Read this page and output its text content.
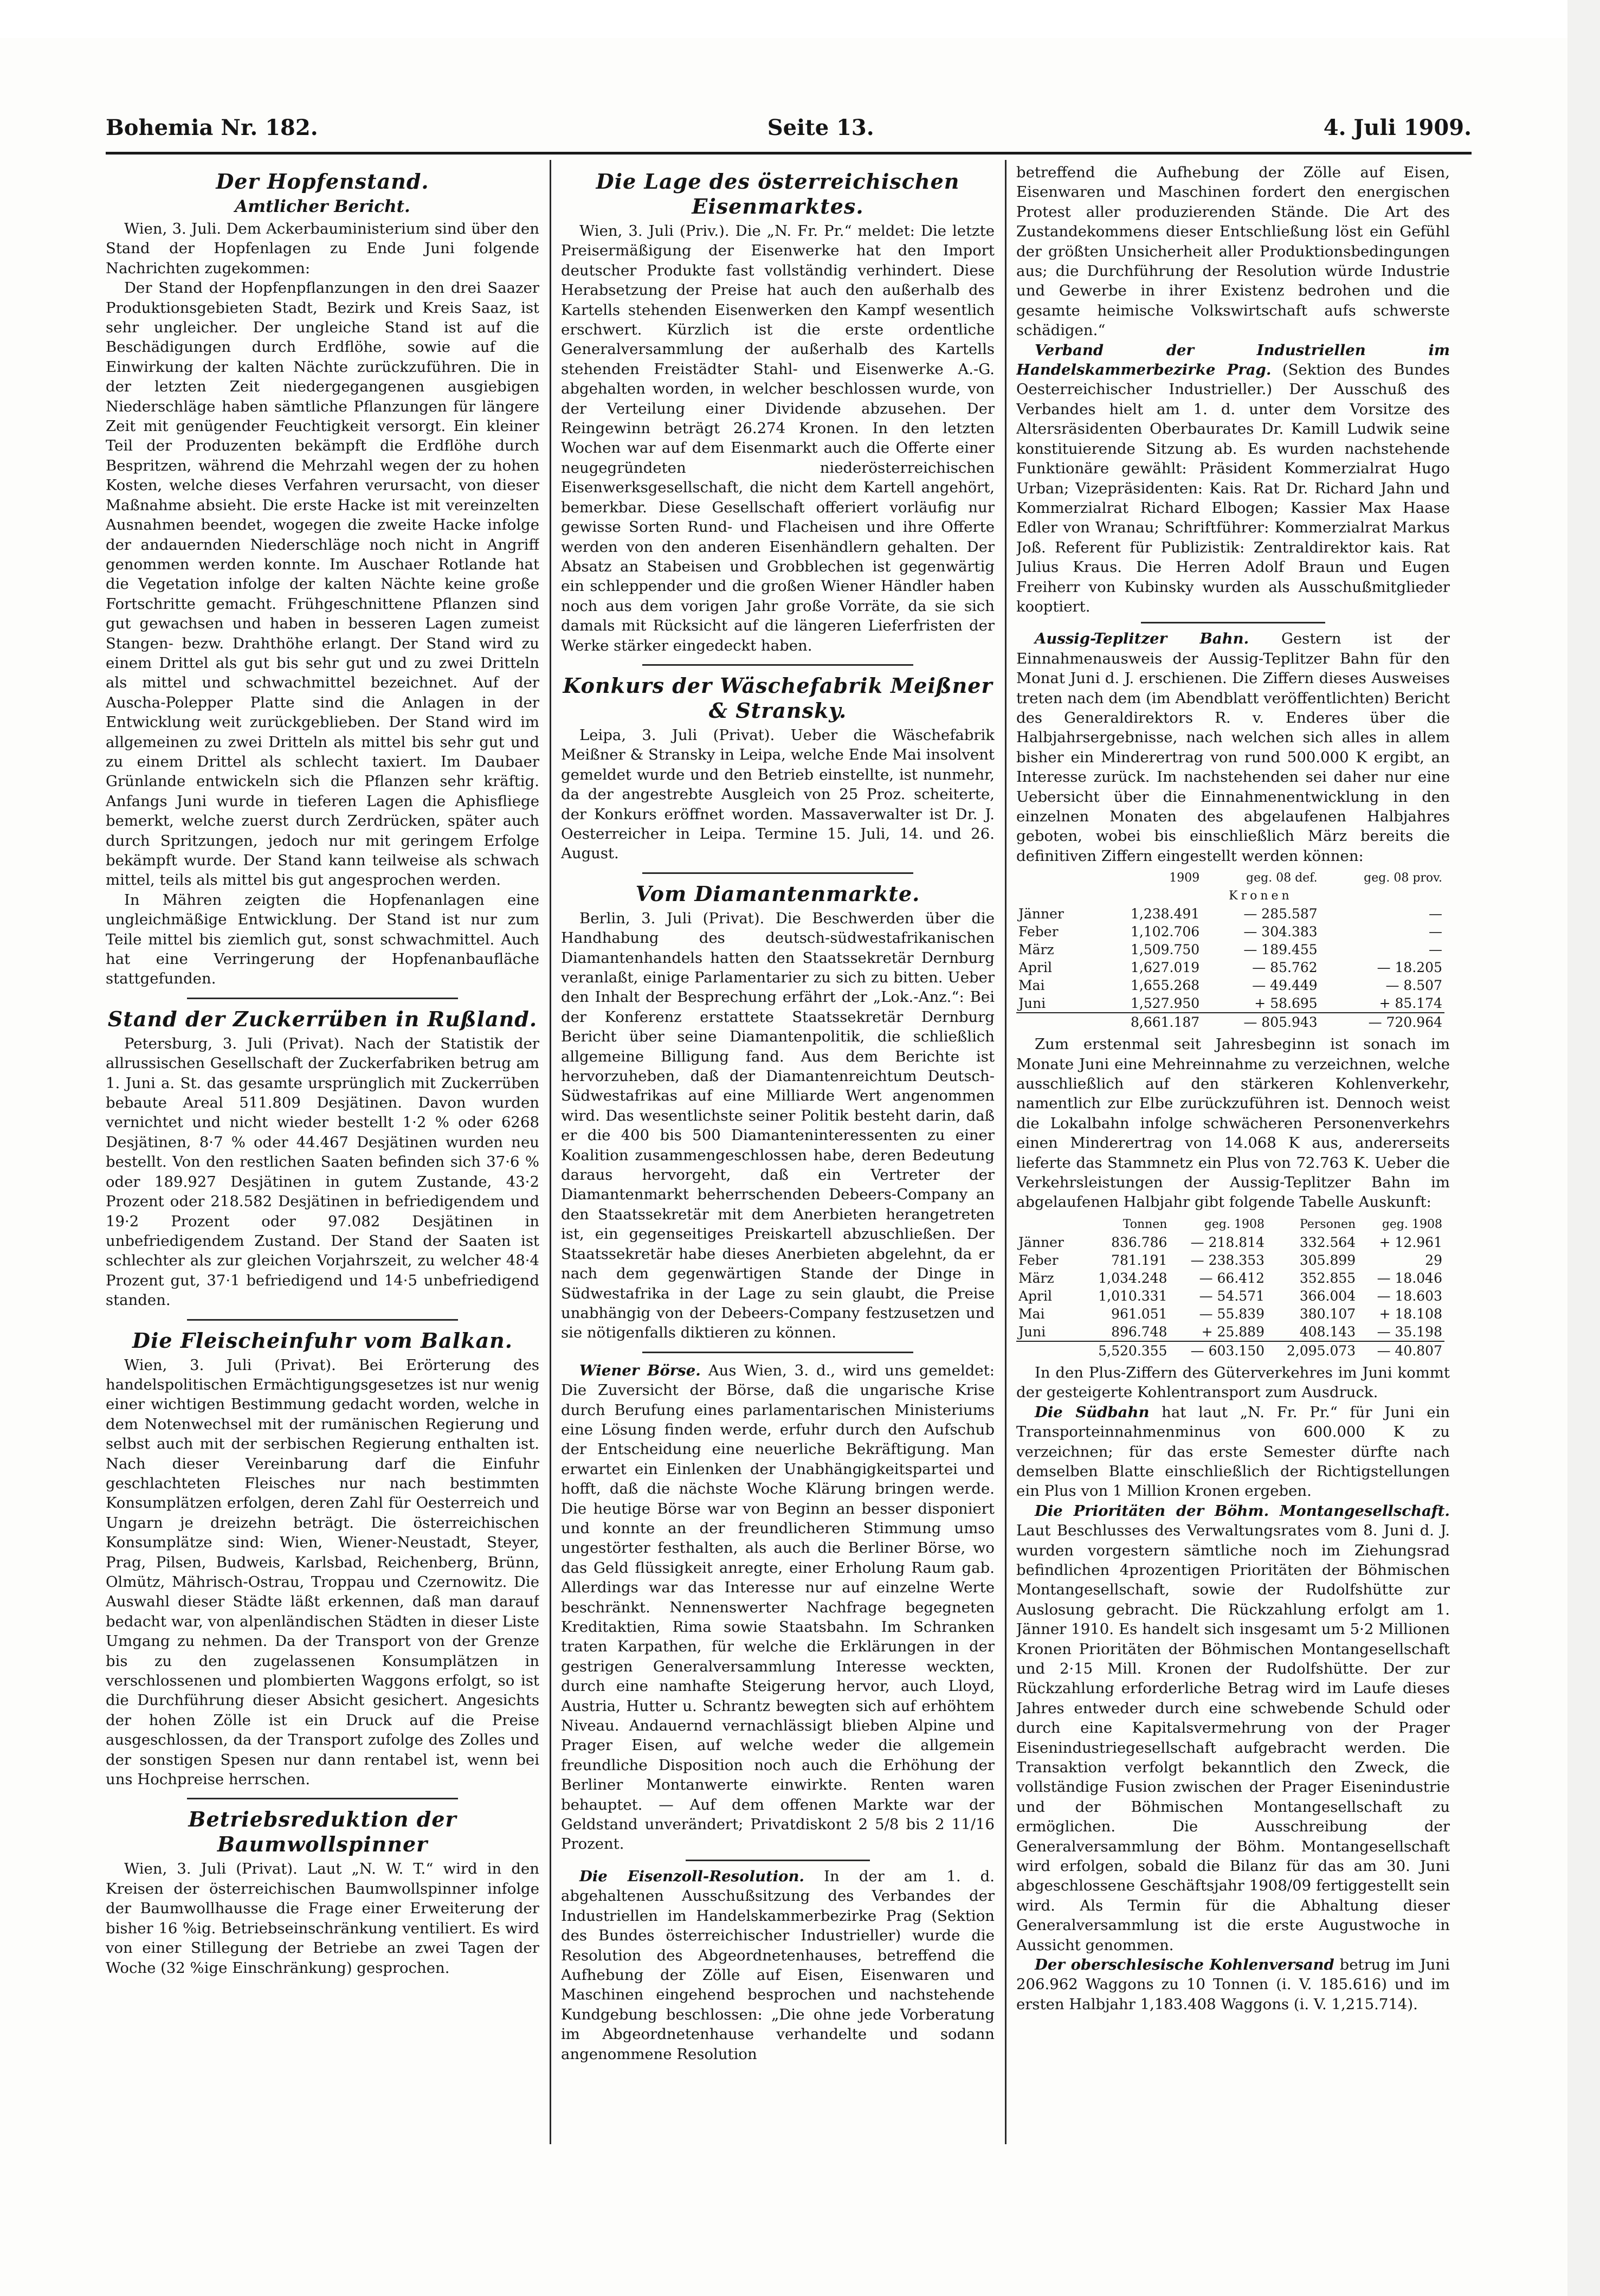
Bohemia Nr. 182.	Seite 13.	4. Juli 1909.
Der Hopfenstand.
Amtlicher Bericht.

Wien, 3. Juli. Dem Ackerbauministerium sind über den Stand der Hopfenlagen zu Ende Juni folgende Nachrichten zugekommen:

Der Stand der Hopfenpflanzungen in den drei Saazer Produktionsgebieten Stadt, Bezirk und Kreis Saaz, ist sehr ungleicher. Der ungleiche Stand ist auf die Beschädigungen durch Erdflöhe, sowie auf die Einwirkung der kalten Nächte zurückzuführen. Die in der letzten Zeit niedergegangenen ausgiebigen Niederschläge haben sämtliche Pflanzungen für längere Zeit mit genügender Feuchtigkeit versorgt. Ein kleiner Teil der Produzenten bekämpft die Erdflöhe durch Bespritzen, während die Mehrzahl wegen der zu hohen Kosten, welche dieses Verfahren verursacht, von dieser Maßnahme absieht. Die erste Hacke ist mit vereinzelten Ausnahmen beendet, wogegen die zweite Hacke infolge der andauernden Niederschläge noch nicht in Angriff genommen werden konnte. Im Auschaer Rotlande hat die Vegetation infolge der kalten Nächte keine große Fortschritte gemacht. Frühgeschnittene Pflanzen sind gut gewachsen und haben in besseren Lagen zumeist Stangen- bezw. Drahthöhe erlangt. Der Stand wird zu einem Drittel als gut bis sehr gut und zu zwei Dritteln als mittel und schwachmittel bezeichnet. Auf der Auscha-Polepper Platte sind die Anlagen in der Entwicklung weit zurückgeblieben. Der Stand wird im allgemeinen zu zwei Dritteln als mittel bis sehr gut und zu einem Drittel als schlecht taxiert. Im Daubaer Grünlande entwickeln sich die Pflanzen sehr kräftig. Anfangs Juni wurde in tieferen Lagen die Aphisfliege bemerkt, welche zuerst durch Zerdrücken, später auch durch Spritzungen, jedoch nur mit geringem Erfolge bekämpft wurde. Der Stand kann teilweise als schwach mittel, teils als mittel bis gut angesprochen werden.

In Mähren zeigten die Hopfenanlagen eine ungleichmäßige Entwicklung. Der Stand ist nur zum Teile mittel bis ziemlich gut, sonst schwachmittel. Auch hat eine Verringerung der Hopfenanbaufläche stattgefunden.

Stand der Zuckerrüben in Rußland.

Petersburg, 3. Juli (Privat). Nach der Statistik der allrussischen Gesellschaft der Zuckerfabriken betrug am 1. Juni a. St. das gesamte ursprünglich mit Zuckerrüben bebaute Areal 511.809 Desjätinen. Davon wurden vernichtet und nicht wieder bestellt 1·2 % oder 6268 Desjätinen, 8·7 % oder 44.467 Desjätinen wurden neu bestellt. Von den restlichen Saaten befinden sich 37·6 % oder 189.927 Desjätinen in gutem Zustande, 43·2 Prozent oder 218.582 Desjätinen in befriedigendem und 19·2 Prozent oder 97.082 Desjätinen in unbefriedigendem Zustand. Der Stand der Saaten ist schlechter als zur gleichen Vorjahrszeit, zu welcher 48·4 Prozent gut, 37·1 befriedigend und 14·5 unbefriedigend standen.

Die Fleischeinfuhr vom Balkan.

Wien, 3. Juli (Privat). Bei Erörterung des handelspolitischen Ermächtigungsgesetzes ist nur wenig einer wichtigen Bestimmung gedacht worden, welche in dem Notenwechsel mit der rumänischen Regierung und selbst auch mit der serbischen Regierung enthalten ist. Nach dieser Vereinbarung darf die Einfuhr geschlachteten Fleisches nur nach bestimmten Konsumplätzen erfolgen, deren Zahl für Oesterreich und Ungarn je dreizehn beträgt. Die österreichischen Konsumplätze sind: Wien, Wiener-Neustadt, Steyer, Prag, Pilsen, Budweis, Karlsbad, Reichenberg, Brünn, Olmütz, Mährisch-Ostrau, Troppau und Czernowitz. Die Auswahl dieser Städte läßt erkennen, daß man darauf bedacht war, von alpenländischen Städten in dieser Liste Umgang zu nehmen. Da der Transport von der Grenze bis zu den zugelassenen Konsumplätzen in verschlossenen und plombierten Waggons erfolgt, so ist die Durchführung dieser Absicht gesichert. Angesichts der hohen Zölle ist ein Druck auf die Preise ausgeschlossen, da der Transport zufolge des Zolles und der sonstigen Spesen nur dann rentabel ist, wenn bei uns Hochpreise herrschen.

Betriebsreduktion der Baumwollspinner

Wien, 3. Juli (Privat). Laut „N. W. T.“ wird in den Kreisen der österreichischen Baumwollspinner infolge der Baumwollhausse die Frage einer Erweiterung der bisher 16 %ig. Betriebseinschränkung ventiliert. Es wird von einer Stillegung der Betriebe an zwei Tagen der Woche (32 %ige Einschränkung) gesprochen.

Die Lage des österreichischen Eisenmarktes.

Wien, 3. Juli (Priv.). Die „N. Fr. Pr.“ meldet: Die letzte Preisermäßigung der Eisenwerke hat den Import deutscher Produkte fast vollständig verhindert. Diese Herabsetzung der Preise hat auch den außerhalb des Kartells stehenden Eisenwerken den Kampf wesentlich erschwert. Kürzlich ist die erste ordentliche Generalversammlung der außerhalb des Kartells stehenden Freistädter Stahl- und Eisenwerke A.-G. abgehalten worden, in welcher beschlossen wurde, von der Verteilung einer Dividende abzusehen. Der Reingewinn beträgt 26.274 Kronen. In den letzten Wochen war auf dem Eisenmarkt auch die Offerte einer neugegründeten niederösterreichischen Eisenwerksgesellschaft, die nicht dem Kartell angehört, bemerkbar. Diese Gesellschaft offeriert vorläufig nur gewisse Sorten Rund- und Flacheisen und ihre Offerte werden von den anderen Eisenhändlern gehalten. Der Absatz an Stabeisen und Grobblechen ist gegenwärtig ein schleppender und die großen Wiener Händler haben noch aus dem vorigen Jahr große Vorräte, da sie sich damals mit Rücksicht auf die längeren Lieferfristen der Werke stärker eingedeckt haben.

Konkurs der Wäschefabrik Meißner & Stransky.

Leipa, 3. Juli (Privat). Ueber die Wäschefabrik Meißner & Stransky in Leipa, welche Ende Mai insolvent gemeldet wurde und den Betrieb einstellte, ist nunmehr, da der angestrebte Ausgleich von 25 Proz. scheiterte, der Konkurs eröffnet worden. Massaverwalter ist Dr. J. Oesterreicher in Leipa. Termine 15. Juli, 14. und 26. August.

Vom Diamantenmarkte.

Berlin, 3. Juli (Privat). Die Beschwerden über die Handhabung des deutsch-südwestafrikanischen Diamantenhandels hatten den Staatssekretär Dernburg veranlaßt, einige Parlamentarier zu sich zu bitten. Ueber den Inhalt der Besprechung erfährt der „Lok.-Anz.“: Bei der Konferenz erstattete Staatssekretär Dernburg Bericht über seine Diamantenpolitik, die schließlich allgemeine Billigung fand. Aus dem Berichte ist hervorzuheben, daß der Diamantenreichtum Deutsch-Südwestafrikas auf eine Milliarde Wert angenommen wird. Das wesentlichste seiner Politik besteht darin, daß er die 400 bis 500 Diamanteninteressenten zu einer Koalition zusammengeschlossen habe, deren Bedeutung daraus hervorgeht, daß ein Vertreter der Diamantenmarkt beherrschenden Debeers-Company an den Staatssekretär mit dem Anerbieten herangetreten ist, ein gegenseitiges Preiskartell abzuschließen. Der Staatssekretär habe dieses Anerbieten abgelehnt, da er nach dem gegenwärtigen Stande der Dinge in Südwestafrika in der Lage zu sein glaubt, die Preise unabhängig von der Debeers-Company festzusetzen und sie nötigenfalls diktieren zu können.

Wiener Börse. Aus Wien, 3. d., wird uns gemeldet: Die Zuversicht der Börse, daß die ungarische Krise durch Berufung eines parlamentarischen Ministeriums eine Lösung finden werde, erfuhr durch den Aufschub der Entscheidung eine neuerliche Bekräftigung. Man erwartet ein Einlenken der Unabhängigkeitspartei und hofft, daß die nächste Woche Klärung bringen werde. Die heutige Börse war von Beginn an besser disponiert und konnte an der freundlicheren Stimmung umso ungestörter festhalten, als auch die Berliner Börse, wo das Geld flüssigkeit anregte, einer Erholung Raum gab. Allerdings war das Interesse nur auf einzelne Werte beschränkt. Nennenswerter Nachfrage begegneten Kreditaktien, Rima sowie Staatsbahn. Im Schranken traten Karpathen, für welche die Erklärungen in der gestrigen Generalversammlung Interesse weckten, durch eine namhafte Steigerung hervor, auch Lloyd, Austria, Hutter u. Schrantz bewegten sich auf erhöhtem Niveau. Andauernd vernachlässigt blieben Alpine und Prager Eisen, auf welche weder die allgemein freundliche Disposition noch auch die Erhöhung der Berliner Montanwerte einwirkte. Renten waren behauptet. — Auf dem offenen Markte war der Geldstand unverändert; Privatdiskont 2 5/8 bis 2 11/16 Prozent.

Die Eisenzoll-Resolution. In der am 1. d. abgehaltenen Ausschußsitzung des Verbandes der Industriellen im Handelskammerbezirke Prag (Sektion des Bundes österreichischer Industrieller) wurde die Resolution des Abgeordnetenhauses, betreffend die Aufhebung der Zölle auf Eisen, Eisenwaren und Maschinen eingehend besprochen und nachstehende Kundgebung beschlossen: „Die ohne jede Vorberatung im Abgeordnetenhause verhandelte und sodann angenommene Resolution

betreffend die Aufhebung der Zölle auf Eisen, Eisenwaren und Maschinen fordert den energischen Protest aller produzierenden Stände. Die Art des Zustandekommens dieser Entschließung löst ein Gefühl der größten Unsicherheit aller Produktionsbedingungen aus; die Durchführung der Resolution würde Industrie und Gewerbe in ihrer Existenz bedrohen und die gesamte heimische Volkswirtschaft aufs schwerste schädigen.“

Verband der Industriellen im Handelskammerbezirke Prag. (Sektion des Bundes Oesterreichischer Industrieller.) Der Ausschuß des Verbandes hielt am 1. d. unter dem Vorsitze des Altersräsidenten Oberbaurates Dr. Kamill Ludwik seine konstituierende Sitzung ab. Es wurden nachstehende Funktionäre gewählt: Präsident Kommerzialrat Hugo Urban; Vizepräsidenten: Kais. Rat Dr. Richard Jahn und Kommerzialrat Richard Elbogen; Kassier Max Haase Edler von Wranau; Schriftführer: Kommerzialrat Markus Joß. Referent für Publizistik: Zentraldirektor kais. Rat Julius Kraus. Die Herren Adolf Braun und Eugen Freiherr von Kubinsky wurden als Ausschußmitglieder kooptiert.

Aussig-Teplitzer Bahn. Gestern ist der Einnahmenausweis der Aussig-Teplitzer Bahn für den Monat Juni d. J. erschienen. Die Ziffern dieses Ausweises treten nach dem (im Abendblatt veröffentlichten) Bericht des Generaldirektors R. v. Enderes über die Halbjahrsergebnisse, nach welchen sich alles in allem bisher ein Minderertrag von rund 500.000 K ergibt, an Interesse zurück. Im nachstehenden sei daher nur eine Uebersicht über die Einnahmenentwicklung in den einzelnen Monaten des abgelaufenen Halbjahres geboten, wobei bis einschließlich März bereits die definitiven Ziffern eingestellt werden können:

	1909	geg. 08 def.	geg. 08 prov.
		Kronen	
Jänner	1,238.491	— 285.587	—
Feber	1,102.706	— 304.383	—
März	1,509.750	— 189.455	—
April	1,627.019	— 85.762	— 18.205
Mai	1,655.268	— 49.449	— 8.507
Juni	1,527.950	+ 58.695	+ 85.174
	8,661.187	— 805.943	— 720.964

Zum erstenmal seit Jahresbeginn ist sonach im Monate Juni eine Mehreinnahme zu verzeichnen, welche ausschließlich auf den stärkeren Kohlenverkehr, namentlich zur Elbe zurückzuführen ist. Dennoch weist die Lokalbahn infolge schwächeren Personenverkehrs einen Minderertrag von 14.068 K aus, andererseits lieferte das Stammnetz ein Plus von 72.763 K. Ueber die Verkehrsleistungen der Aussig-Teplitzer Bahn im abgelaufenen Halbjahr gibt folgende Tabelle Auskunft:

	Tonnen	geg. 1908	Personen	geg. 1908
Jänner	836.786	— 218.814	332.564	+ 12.961
Feber	781.191	— 238.353	305.899	29
März	1,034.248	— 66.412	352.855	— 18.046
April	1,010.331	— 54.571	366.004	— 18.603
Mai	961.051	— 55.839	380.107	+ 18.108
Juni	896.748	+ 25.889	408.143	— 35.198
	5,520.355	— 603.150	2,095.073	— 40.807

In den Plus-Ziffern des Güterverkehres im Juni kommt der gesteigerte Kohlentransport zum Ausdruck.

Die Südbahn hat laut „N. Fr. Pr.“ für Juni ein Transporteinnahmenminus von 600.000 K zu verzeichnen; für das erste Semester dürfte nach demselben Blatte einschließlich der Richtigstellungen ein Plus von 1 Million Kronen ergeben.

Die Prioritäten der Böhm. Montangesellschaft. Laut Beschlusses des Verwaltungsrates vom 8. Juni d. J. wurden vorgestern sämtliche noch im Ziehungsrad befindlichen 4prozentigen Prioritäten der Böhmischen Montangesellschaft, sowie der Rudolfshütte zur Auslosung gebracht. Die Rückzahlung erfolgt am 1. Jänner 1910. Es handelt sich insgesamt um 5·2 Millionen Kronen Prioritäten der Böhmischen Montangesellschaft und 2·15 Mill. Kronen der Rudolfshütte. Der zur Rückzahlung erforderliche Betrag wird im Laufe dieses Jahres entweder durch eine schwebende Schuld oder durch eine Kapitalsvermehrung von der Prager Eisenindustriegesellschaft aufgebracht werden. Die Transaktion verfolgt bekanntlich den Zweck, die vollständige Fusion zwischen der Prager Eisenindustrie und der Böhmischen Montangesellschaft zu ermöglichen. Die Ausschreibung der Generalversammlung der Böhm. Montangesellschaft wird erfolgen, sobald die Bilanz für das am 30. Juni abgeschlossene Geschäftsjahr 1908/09 fertiggestellt sein wird. Als Termin für die Abhaltung dieser Generalversammlung ist die erste Augustwoche in Aussicht genommen.

Der oberschlesische Kohlenversand betrug im Juni 206.962 Waggons zu 10 Tonnen (i. V. 185.616) und im ersten Halbjahr 1,183.408 Waggons (i. V. 1,215.714).
